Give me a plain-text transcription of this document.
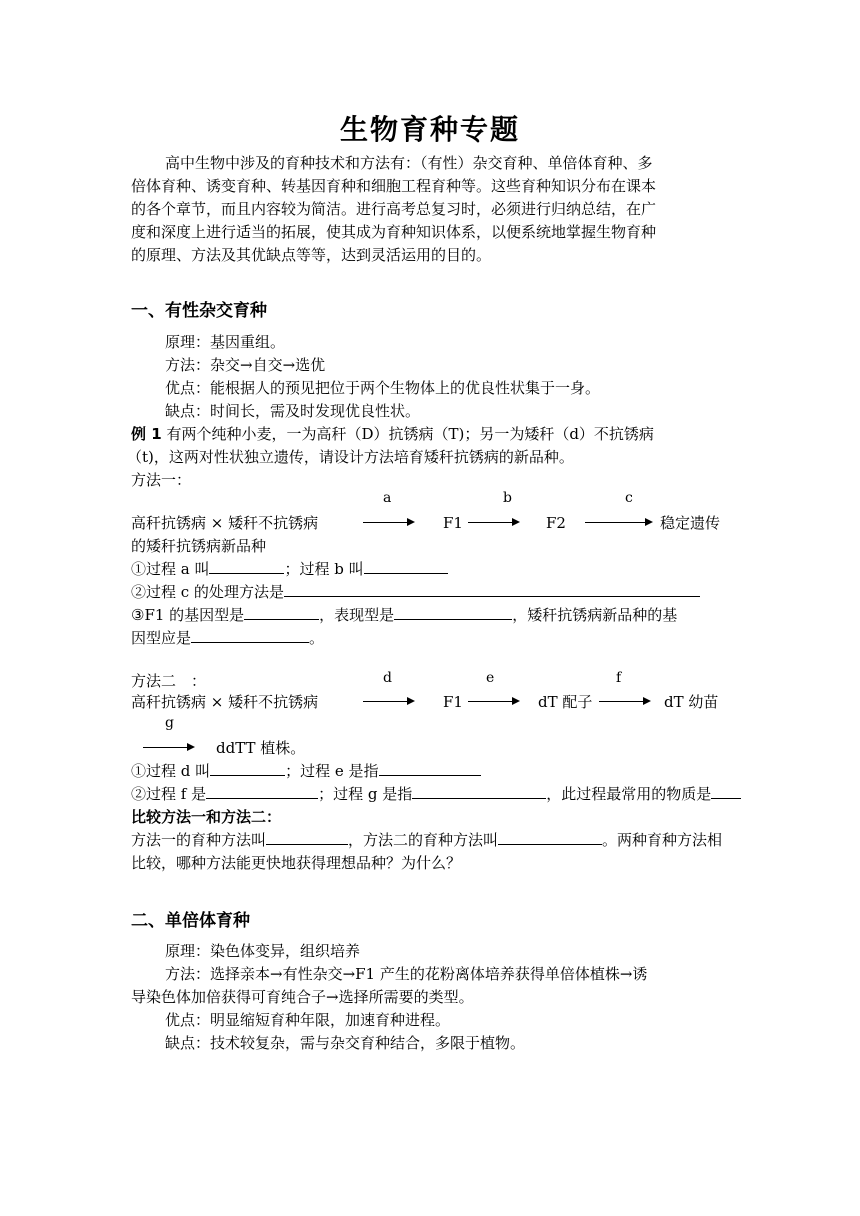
生物育种专题
高中生物中涉及的育种技术和方法有：（有性）杂交育种、单倍体育种、多
倍体育种、诱变育种、转基因育种和细胞工程育种等。这些育种知识分布在课本
的各个章节，而且内容较为简洁。进行高考总复习时，必须进行归纳总结，在广
度和深度上进行适当的拓展，使其成为育种知识体系，以便系统地掌握生物育种
的原理、方法及其优缺点等等，达到灵活运用的目的。
一、有性杂交育种
原理：基因重组。
方法：杂交→自交→选优
优点：能根据人的预见把位于两个生物体上的优良性状集于一身。
缺点：时间长，需及时发现优良性状。
例 1 有两个纯种小麦，一为高秆（D）抗锈病（T)；另一为矮秆（d）不抗锈病
（t)，这两对性状独立遗传，请设计方法培育矮秆抗锈病的新品种。
方法一：
a	b	c
高秆抗锈病 × 矮秆不抗锈病	F1	F2	稳定遗传
的矮秆抗锈病新品种
①过程 a 叫	；过程 b 叫
②过程 c 的处理方法是
③F1 的基因型是	，表现型是	，矮秆抗锈病新品种的基
因型应是	。
方法二　：	d	e	f
高秆抗锈病 × 矮秆不抗锈病	F1	dT 配子	dT 幼苗
g
ddTT 植株。
①过程 d 叫	；过程 e 是指
②过程 f 是	；过程 g 是指	，此过程最常用的物质是
比较方法一和方法二：
方法一的育种方法叫	，方法二的育种方法叫	。两种育种方法相
比较，哪种方法能更快地获得理想品种？为什么？
二、单倍体育种
原理：染色体变异，组织培养
方法：选择亲本→有性杂交→F1 产生的花粉离体培养获得单倍体植株→诱
导染色体加倍获得可育纯合子→选择所需要的类型。
优点：明显缩短育种年限，加速育种进程。
缺点：技术较复杂，需与杂交育种结合，多限于植物。
